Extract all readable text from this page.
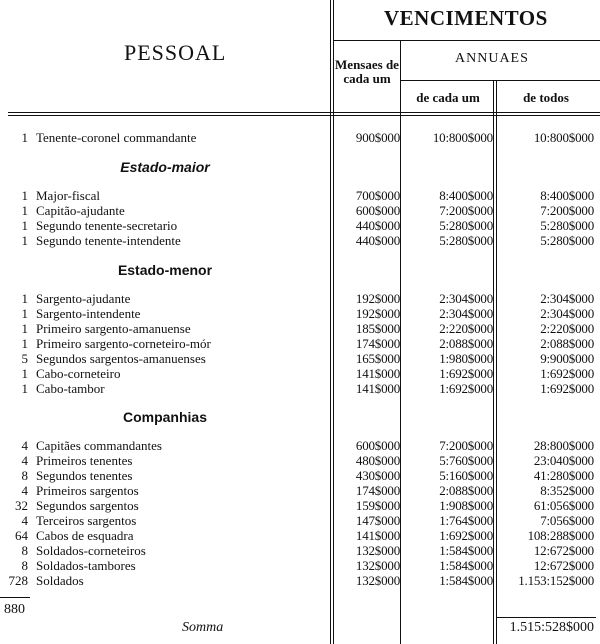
PESSOAL
VENCIMENTOS
ANNUAES
Mensaes de cada um
de cada um	de todos
Estado-maior
Estado-menor
Companhias
1 Tenente-coronel commandante	900$000	10:800$000	10:800$000
1 Major-fiscal	700$000	8:400$000	8:400$000
1 Capitão-ajudante	600$000	7:200$000	7:200$000
1 Segundo tenente-secretario	440$000	5:280$000	5:280$000
1 Segundo tenente-intendente	440$000	5:280$000	5:280$000
1 Sargento-ajudante	192$000	2:304$000	2:304$000
1 Sargento-intendente	192$000	2:304$000	2:304$000
1 Primeiro sargento-amanuense	185$000	2:220$000	2:220$000
1 Primeiro sargento-corneteiro-mór	174$000	2:088$000	2:088$000
5 Segundos sargentos-amanuenses	165$000	1:980$000	9:900$000
1 Cabo-corneteiro	141$000	1:692$000	1:692$000
1 Cabo-tambor	141$000	1:692$000	1:692$000
4 Capitães commandantes	600$000	7:200$000	28:800$000
4 Primeiros tenentes	480$000	5:760$000	23:040$000
8 Segundos tenentes	430$000	5:160$000	41:280$000
4 Primeiros sargentos	174$000	2:088$000	8:352$000
32 Segundos sargentos	159$000	1:908$000	61:056$000
4 Terceiros sargentos	147$000	1:764$000	7:056$000
64 Cabos de esquadra	141$000	1:692$000	108:288$000
8 Soldados-corneteiros	132$000	1:584$000	12:672$000
8 Soldados-tambores	132$000	1:584$000	12:672$000
728 Soldados	132$000	1:584$000	1.153:152$000
880
Somma	1.515:528$000
